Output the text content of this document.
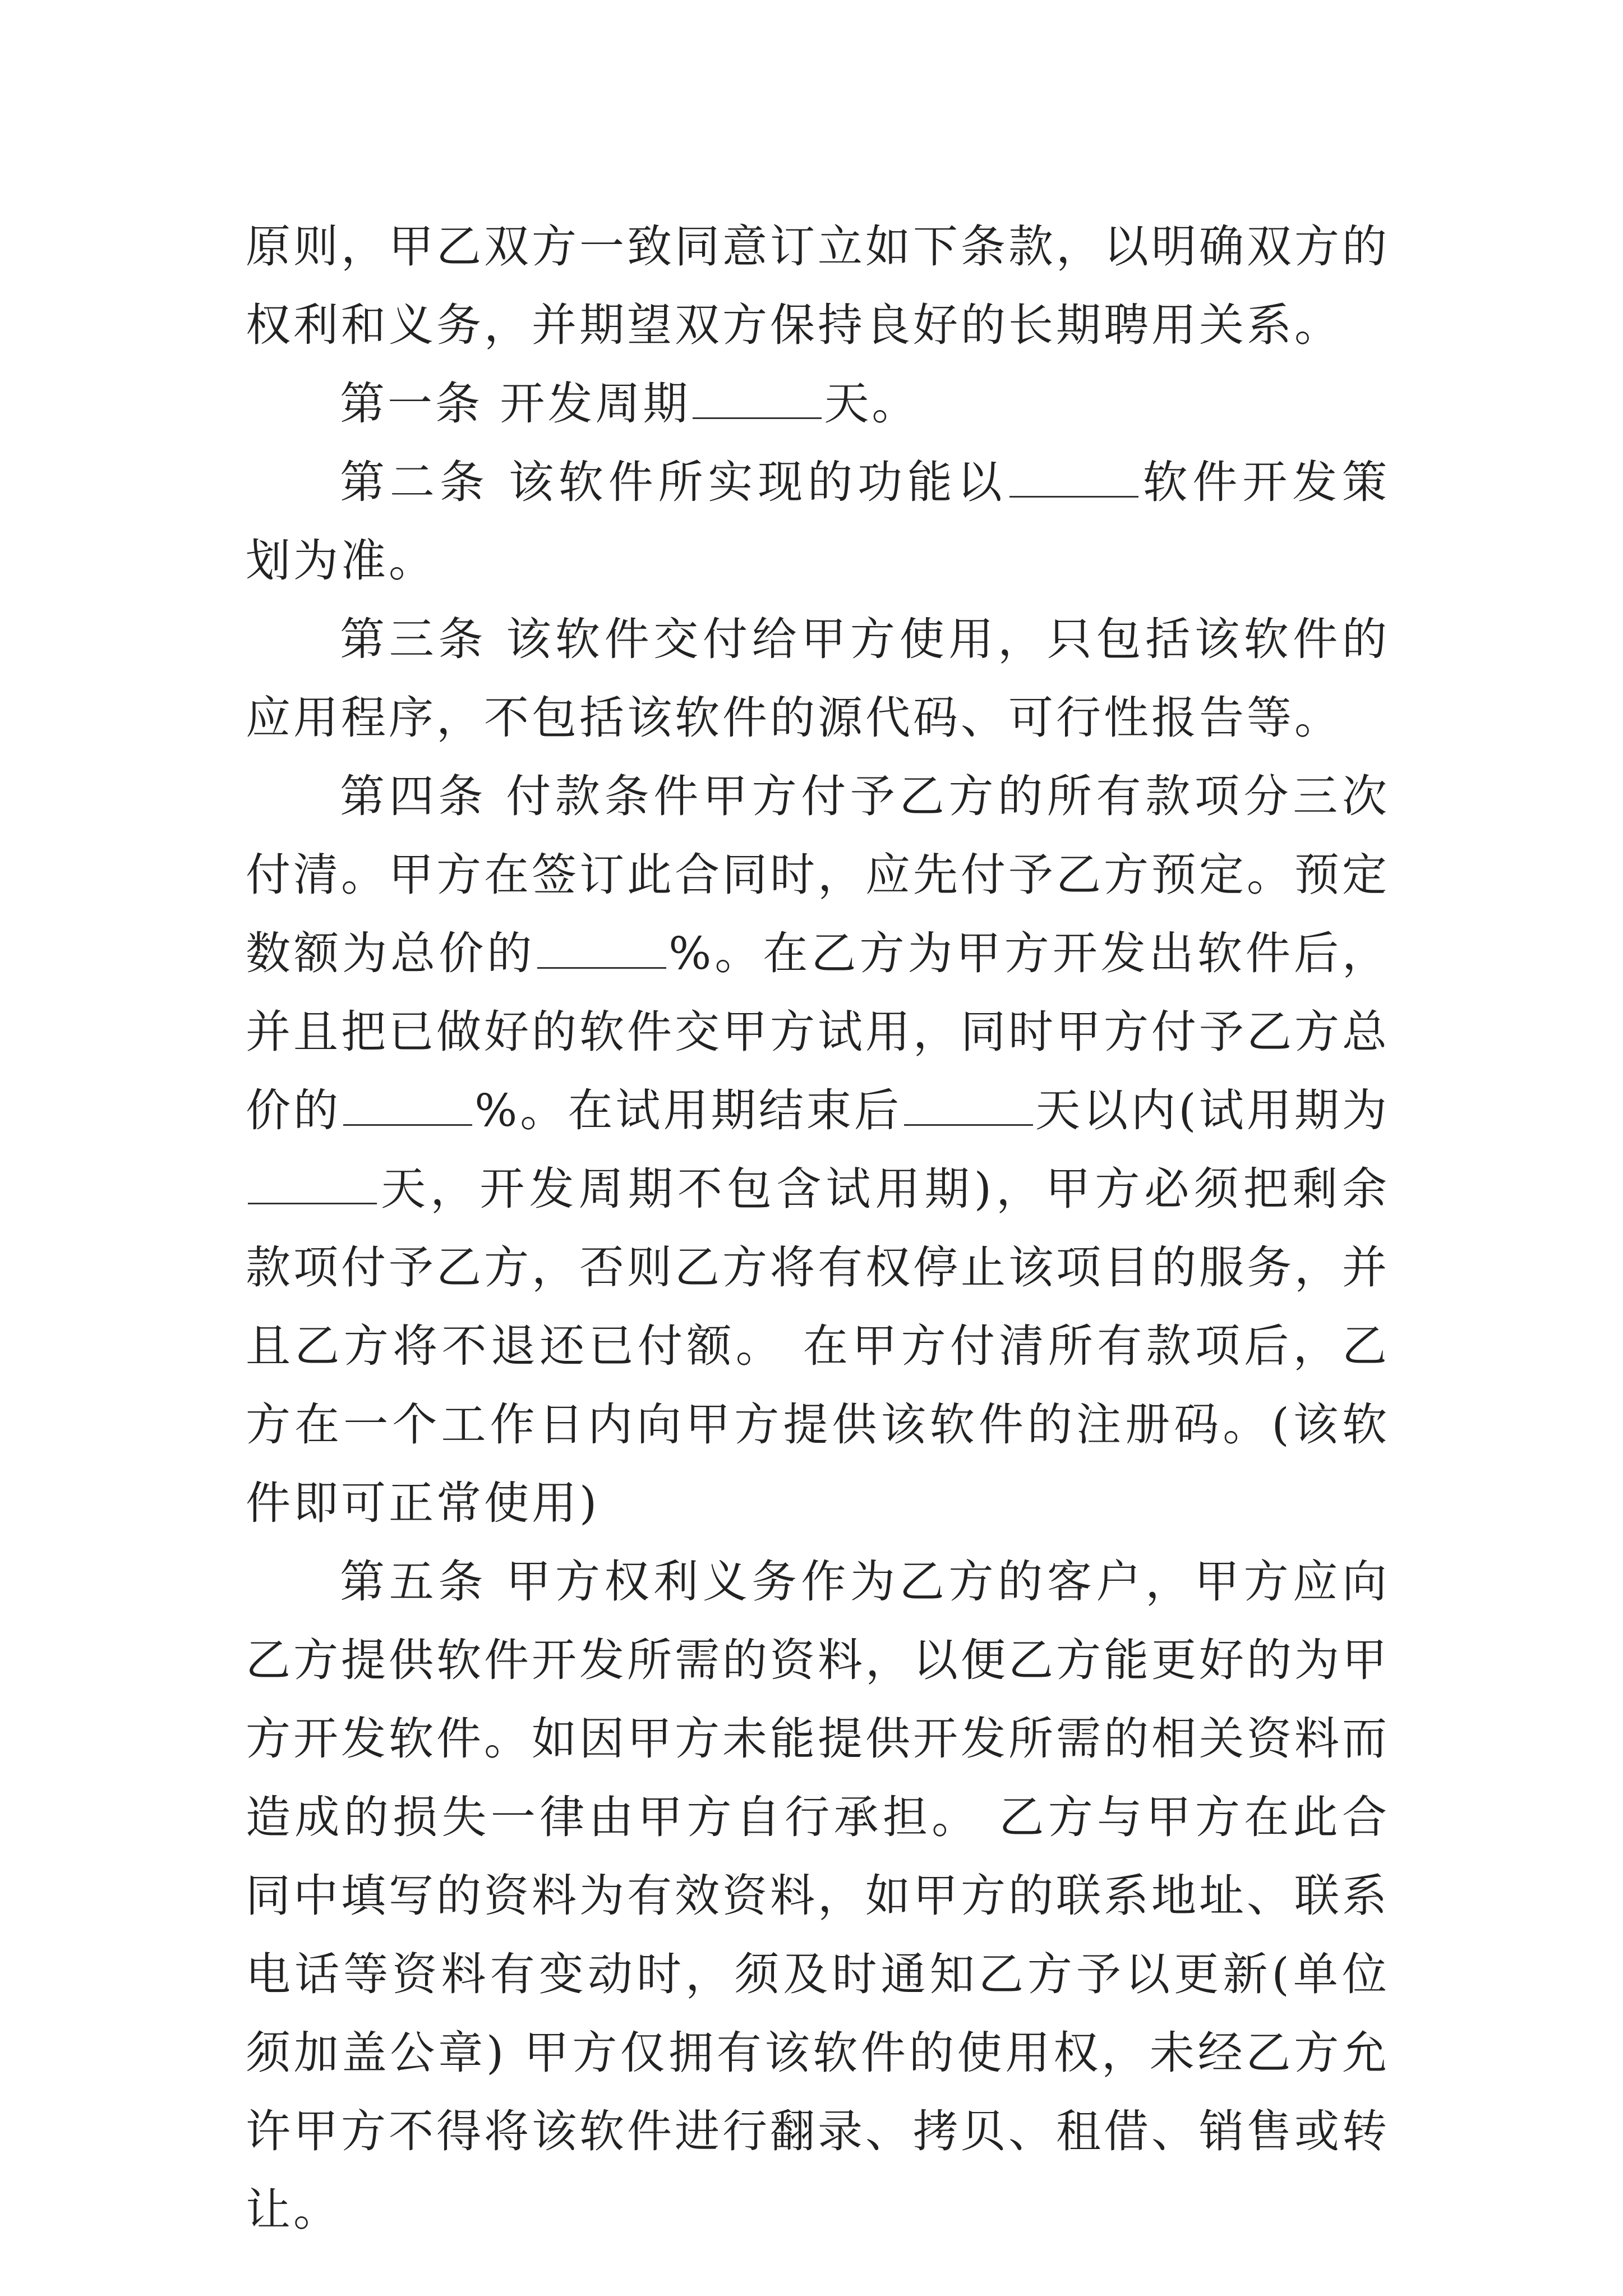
原则，甲乙双方一致同意订立如下条款，以明确双方的权利和义务，并期望双方保持良好的长期聘用关系。

第一条 开发周期	天。

第二条 该软件所实现的功能以	软件开发策划为准。

第三条 该软件交付给甲方使用，只包括该软件的应用程序，不包括该软件的源代码、可行性报告等。

第四条 付款条件甲方付予乙方的所有款项分三次付清。甲方在签订此合同时，应先付予乙方预定。预定数额为总价的	%。在乙方为甲方开发出软件后，并且把已做好的软件交甲方试用，同时甲方付予乙方总价的	%。在试用期结束后	天以内(试用期为天，开发周期不包含试用期)，甲方必须把剩余款项付予乙方，否则乙方将有权停止该项目的服务，并且乙方将不退还已付额。 在甲方付清所有款项后，乙方在一个工作日内向甲方提供该软件的注册码。(该软件即可正常使用)

第五条 甲方权利义务作为乙方的客户，甲方应向乙方提供软件开发所需的资料，以便乙方能更好的为甲方开发软件。如因甲方未能提供开发所需的相关资料而造成的损失一律由甲方自行承担。 乙方与甲方在此合同中填写的资料为有效资料，如甲方的联系地址、联系电话等资料有变动时，须及时通知乙方予以更新(单位须加盖公章) 甲方仅拥有该软件的使用权，未经乙方允许甲方不得将该软件进行翻录、拷贝、租借、销售或转让。
